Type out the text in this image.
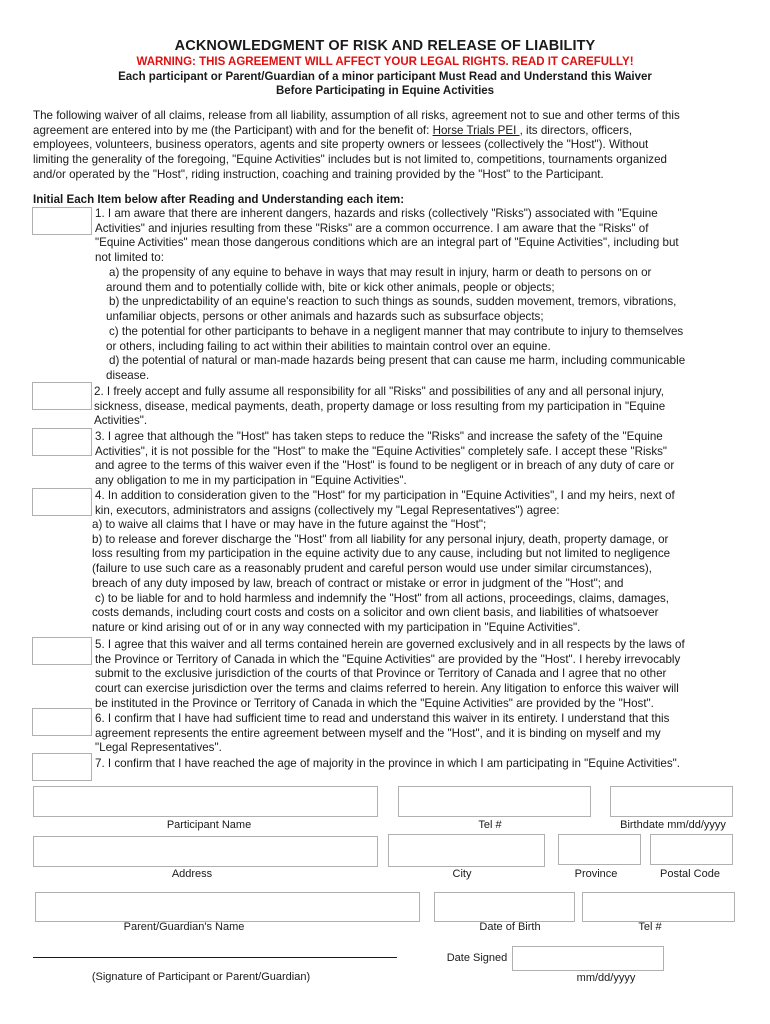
ACKNOWLEDGMENT OF RISK AND RELEASE OF LIABILITY
WARNING: THIS AGREEMENT WILL AFFECT YOUR LEGAL RIGHTS. READ IT CAREFULLY!
Each participant or Parent/Guardian of a minor participant Must Read and Understand this Waiver
Before Participating in Equine Activities
The following waiver of all claims, release from all liability, assumption of all risks, agreement not to sue and other terms of this
agreement are entered into by me (the Participant) with and for the benefit of: Horse Trials PEI , its directors, officers,
employees, volunteers, business operators, agents and site property owners or lessees (collectively the "Host"). Without
limiting the generality of the foregoing, "Equine Activities" includes but is not limited to, competitions, tournaments organized
and/or operated by the "Host", riding instruction, coaching and training provided by the "Host" to the Participant.
Initial Each Item below after Reading and Understanding each item:
1. I am aware that there are inherent dangers, hazards and risks (collectively "Risks") associated with "Equine
Activities" and injuries resulting from these "Risks" are a common occurrence. I am aware that the "Risks" of
"Equine Activities" mean those dangerous conditions which are an integral part of "Equine Activities", including but
not limited to:
a) the propensity of any equine to behave in ways that may result in injury, harm or death to persons on or
around them and to potentially collide with, bite or kick other animals, people or objects;
b) the unpredictability of an equine's reaction to such things as sounds, sudden movement, tremors, vibrations,
unfamiliar objects, persons or other animals and hazards such as subsurface objects;
c) the potential for other participants to behave in a negligent manner that may contribute to injury to themselves
or others, including failing to act within their abilities to maintain control over an equine.
d) the potential of natural or man-made hazards being present that can cause me harm, including communicable
disease.
2. I freely accept and fully assume all responsibility for all "Risks" and possibilities of any and all personal injury,
sickness, disease, medical payments, death, property damage or loss resulting from my participation in "Equine
Activities".
3. I agree that although the "Host" has taken steps to reduce the "Risks" and increase the safety of the "Equine
Activities", it is not possible for the "Host" to make the "Equine Activities" completely safe. I accept these "Risks"
and agree to the terms of this waiver even if the "Host" is found to be negligent or in breach of any duty of care or
any obligation to me in my participation in "Equine Activities".
4. In addition to consideration given to the "Host" for my participation in "Equine Activities", I and my heirs, next of
kin, executors, administrators and assigns (collectively my "Legal Representatives") agree:
a) to waive all claims that I have or may have in the future against the "Host";
b) to release and forever discharge the "Host" from all liability for any personal injury, death, property damage, or
loss resulting from my participation in the equine activity due to any cause, including but not limited to negligence
(failure to use such care as a reasonably prudent and careful person would use under similar circumstances),
breach of any duty imposed by law, breach of contract or mistake or error in judgment of the "Host"; and
c) to be liable for and to hold harmless and indemnify the "Host" from all actions, proceedings, claims, damages,
costs demands, including court costs and costs on a solicitor and own client basis, and liabilities of whatsoever
nature or kind arising out of or in any way connected with my participation in "Equine Activities".
5. I agree that this waiver and all terms contained herein are governed exclusively and in all respects by the laws of
the Province or Territory of Canada in which the "Equine Activities" are provided by the "Host". I hereby irrevocably
submit to the exclusive jurisdiction of the courts of that Province or Territory of Canada and I agree that no other
court can exercise jurisdiction over the terms and claims referred to herein. Any litigation to enforce this waiver will
be instituted in the Province or Territory of Canada in which the "Equine Activities" are provided by the "Host".
6. I confirm that I have had sufficient time to read and understand this waiver in its entirety. I understand that this
agreement represents the entire agreement between myself and the "Host", and it is binding on myself and my
"Legal Representatives".
7. I confirm that I have reached the age of majority in the province in which I am participating in "Equine Activities".
Participant Name	Tel #	Birthdate mm/dd/yyyy
Address	City	Province	Postal Code
Parent/Guardian's Name	Date of Birth	Tel #
Date Signed
(Signature of Participant or Parent/Guardian)	mm/dd/yyyy
